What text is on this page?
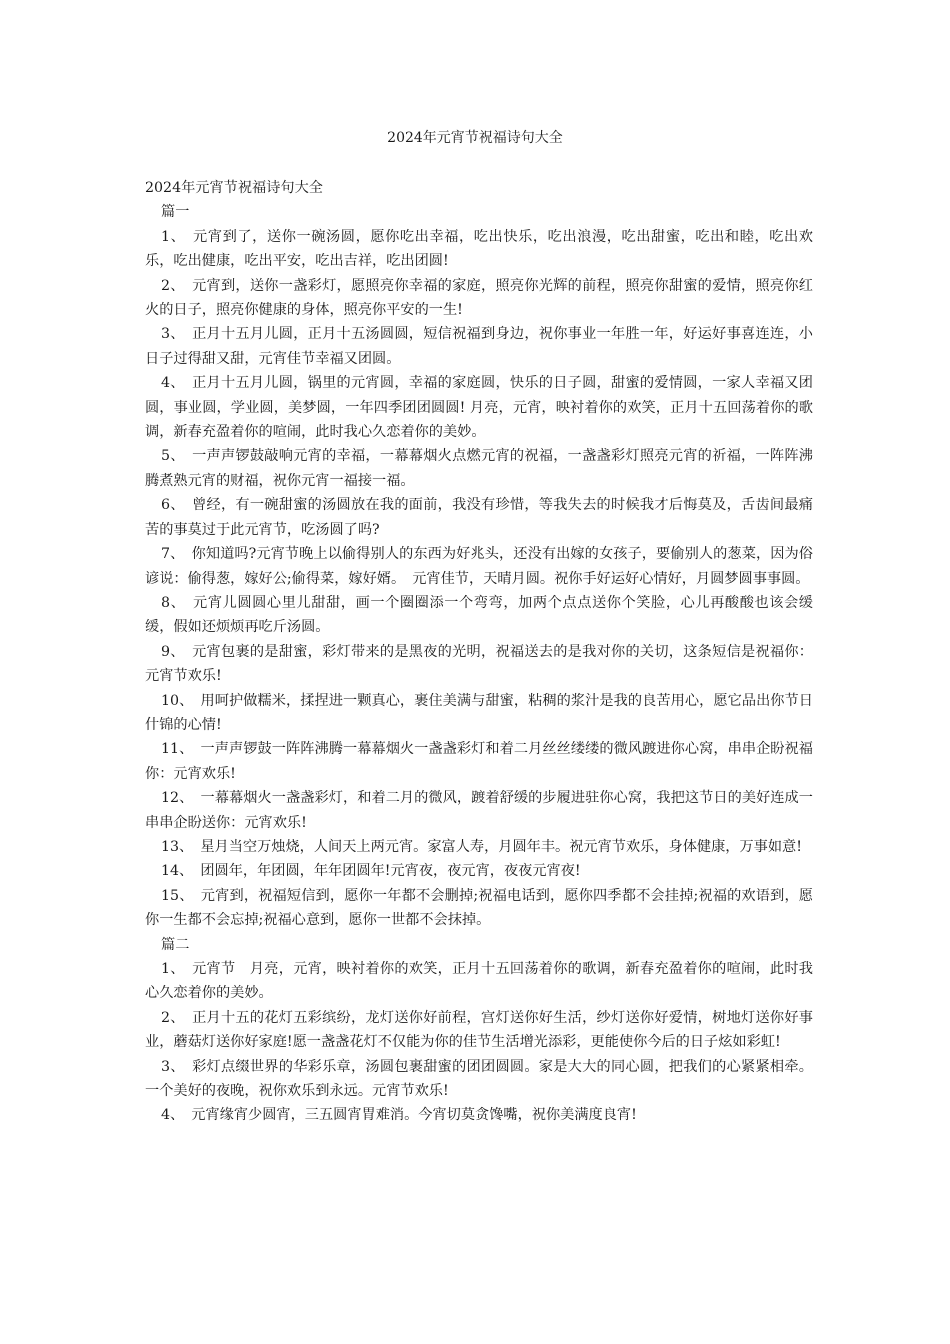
2024年元宵节祝福诗句大全

2024年元宵节祝福诗句大全

篇一

1、　元宵到了，送你一碗汤圆，愿你吃出幸福，吃出快乐，吃出浪漫，吃出甜蜜，吃出和睦，吃出欢乐，吃出健康，吃出平安，吃出吉祥，吃出团圆!

2、　元宵到，送你一盏彩灯，愿照亮你幸福的家庭，照亮你光辉的前程，照亮你甜蜜的爱情，照亮你红火的日子，照亮你健康的身体，照亮你平安的一生!

3、　正月十五月儿圆，正月十五汤圆圆，短信祝福到身边，祝你事业一年胜一年，好运好事喜连连，小日子过得甜又甜，元宵佳节幸福又团圆。

4、　正月十五月儿圆，锅里的元宵圆，幸福的家庭圆，快乐的日子圆，甜蜜的爱情圆，一家人幸福又团圆，事业圆，学业圆，美梦圆，一年四季团团圆圆! 月亮，元宵，映衬着你的欢笑，正月十五回荡着你的歌调，新春充盈着你的喧闹，此时我心久恋着你的美妙。

5、　一声声锣鼓敲响元宵的幸福，一幕幕烟火点燃元宵的祝福，一盏盏彩灯照亮元宵的祈福，一阵阵沸腾煮熟元宵的财福，祝你元宵一福接一福。

6、　曾经，有一碗甜蜜的汤圆放在我的面前，我没有珍惜，等我失去的时候我才后悔莫及，舌齿间最痛苦的事莫过于此元宵节，吃汤圆了吗?

7、　你知道吗?元宵节晚上以偷得别人的东西为好兆头，还没有出嫁的女孩子，要偷别人的葱菜，因为俗谚说：偷得葱，嫁好公;偷得菜，嫁好婿。　元宵佳节，天晴月圆。祝你手好运好心情好，月圆梦圆事事圆。

8、　元宵儿圆圆心里儿甜甜，画一个圈圈添一个弯弯，加两个点点送你个笑脸，心儿再酸酸也该会缓缓，假如还烦烦再吃斤汤圆。

9、　元宵包裹的是甜蜜，彩灯带来的是黑夜的光明，祝福送去的是我对你的关切，这条短信是祝福你：元宵节欢乐!

10、　用呵护做糯米，揉捏进一颗真心，裹住美满与甜蜜，粘稠的浆汁是我的良苦用心，愿它品出你节日什锦的心情!

11、　一声声锣鼓一阵阵沸腾一幕幕烟火一盏盏彩灯和着二月丝丝缕缕的微风踱进你心窝，串串企盼祝福你：元宵欢乐!

12、　一幕幕烟火一盏盏彩灯，和着二月的微风，踱着舒缓的步履进驻你心窝，我把这节日的美好连成一串串企盼送你：元宵欢乐!

13、　星月当空万烛烧，人间天上两元宵。家富人寿，月圆年丰。祝元宵节欢乐，身体健康，万事如意!

14、　团圆年，年团圆，年年团圆年!元宵夜，夜元宵，夜夜元宵夜!

15、　元宵到，祝福短信到，愿你一年都不会删掉;祝福电话到，愿你四季都不会挂掉;祝福的欢语到，愿你一生都不会忘掉;祝福心意到，愿你一世都不会抹掉。

篇二

1、　元宵节　月亮，元宵，映衬着你的欢笑，正月十五回荡着你的歌调，新春充盈着你的喧闹，此时我心久恋着你的美妙。

2、　正月十五的花灯五彩缤纷，龙灯送你好前程，宫灯送你好生活，纱灯送你好爱情，树地灯送你好事业，蘑菇灯送你好家庭!愿一盏盏花灯不仅能为你的佳节生活增光添彩，更能使你今后的日子炫如彩虹!

3、　彩灯点缀世界的华彩乐章，汤圆包裹甜蜜的团团圆圆。家是大大的同心圆，把我们的心紧紧相牵。一个美好的夜晚，祝你欢乐到永远。元宵节欢乐!

4、　元宵缘宵少圆宵，三五圆宵胃难消。今宵切莫贪馋嘴，祝你美满度良宵!
